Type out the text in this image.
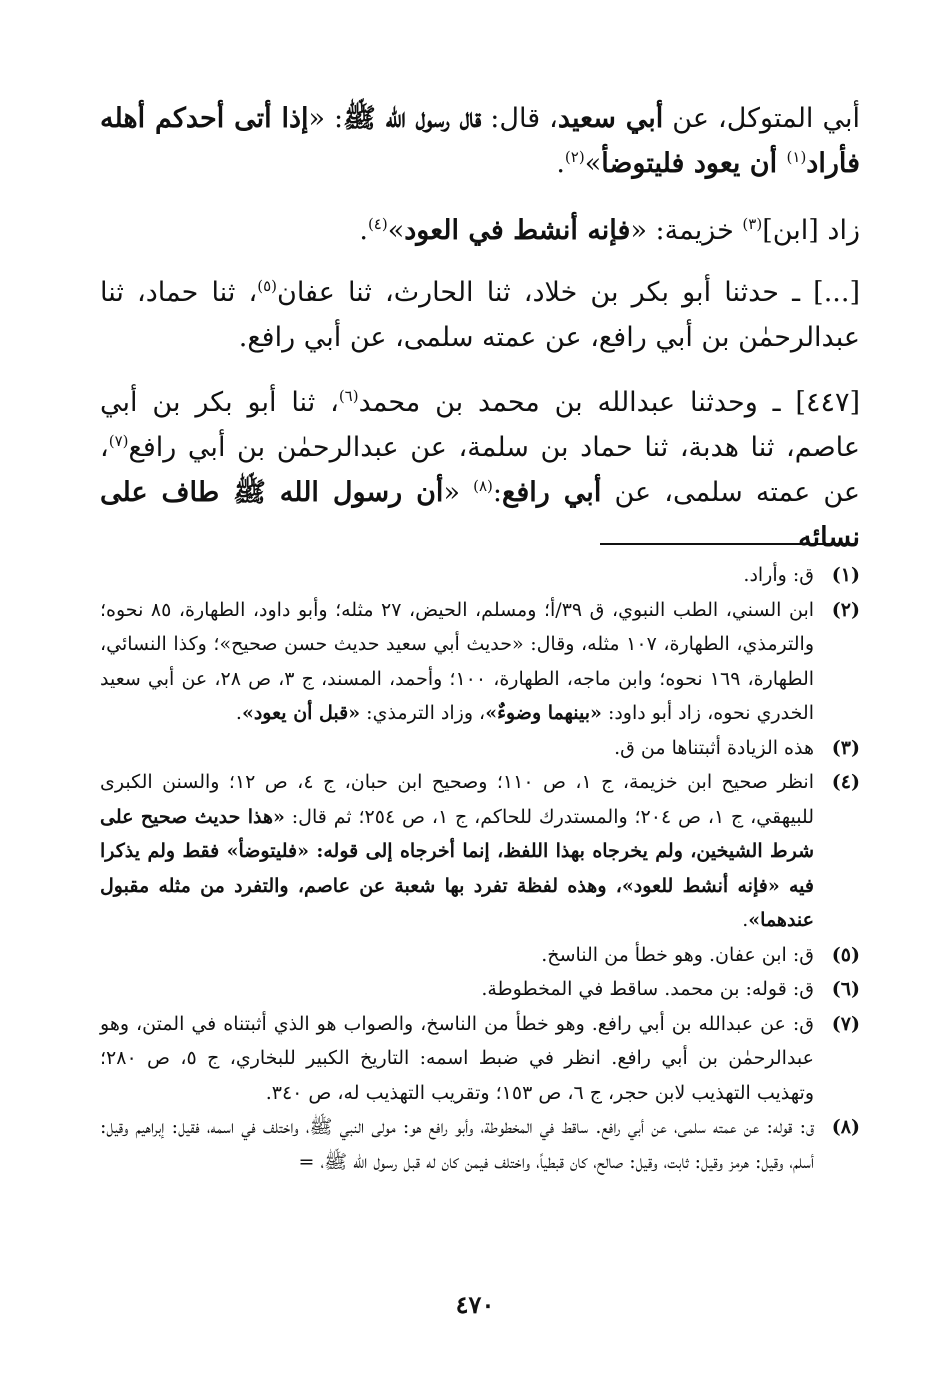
أبي المتوكل، عن أبي سعيد، قال: قال رسول الله ﷺ: «إذا أتى أحدكم أهله فأراد$^{(١)}$ أن يعود فليتوضأ»$^{(٢)}$.
زاد [ابن]$^{(٣)}$ خزيمة: «فإنه أنشط في العود»$^{(٤)}$.
[...] ـ حدثنا أبو بكر بن خلاد، ثنا الحارث، ثنا عفان$^{(٥)}$، ثنا حماد، ثنا عبدالرحمٰن بن أبي رافع، عن عمته سلمى، عن أبي رافع.
[٤٤٧] ـ وحدثنا عبدالله بن محمد بن محمد$^{(٦)}$، ثنا أبو بكر بن أبي عاصم، ثنا هدبة، ثنا حماد بن سلمة، عن عبدالرحمٰن بن أبي رافع$^{(٧)}$، عن عمته سلمى، عن أبي رافع:$^{(٨)}$ «أن رسول الله ﷺ طاف على نسائه
(١)
ق: وأراد.
(٢)
ابن السني، الطب النبوي، ق ٣٩/أ؛ ومسلم، الحيض، ٢٧ مثله؛ وأبو داود، الطهارة، ٨٥ نحوه؛ والترمذي، الطهارة، ١٠٧ مثله، وقال: «حديث أبي سعيد حديث حسن صحيح»؛ وكذا النسائي، الطهارة، ١٦٩ نحوه؛ وابن ماجه، الطهارة، ١٠٠؛ وأحمد، المسند، ج ٣، ص ٢٨، عن أبي سعيد الخدري نحوه، زاد أبو داود: «بينهما وضوءٌ»، وزاد الترمذي: «قبل أن يعود».
(٣)
هذه الزيادة أثبتناها من ق.
(٤)
انظر صحيح ابن خزيمة، ج ١، ص ١١٠؛ وصحيح ابن حبان، ج ٤، ص ١٢؛ والسنن الكبرى للبيهقي، ج ١، ص ٢٠٤؛ والمستدرك للحاكم، ج ١، ص ٢٥٤؛ ثم قال: «هذا حديث صحيح على شرط الشيخين، ولم يخرجاه بهذا اللفظ، إنما أخرجاه إلى قوله: «فليتوضأ» فقط ولم يذكرا فيه «فإنه أنشط للعود»، وهذه لفظة تفرد بها شعبة عن عاصم، والتفرد من مثله مقبول عندهما».
(٥)
ق: ابن عفان. وهو خطأ من الناسخ.
(٦)
ق: قوله: بن محمد. ساقط في المخطوطة.
(٧)
ق: عن عبدالله بن أبي رافع. وهو خطأ من الناسخ، والصواب هو الذي أثبتناه في المتن، وهو عبدالرحمٰن بن أبي رافع. انظر في ضبط اسمه: التاريخ الكبير للبخاري، ج ٥، ص ٢٨٠؛ وتهذيب التهذيب لابن حجر، ج ٦، ص ١٥٣؛ وتقريب التهذيب له، ص ٣٤٠.
(٨)
ق: قوله: عن عمته سلمى، عن أبي رافع. ساقط في المخطوطة، وأبو رافع هو: مولى النبي ﷺ، واختلف في اسمه، فقيل: إبراهيم وقيل: أسلم، وقيل: هرمز وقيل: ثابت، وقيل: صالح، كان قبطياً، واختلف فيمن كان له قبل رسول الله ﷺ، =
٤٧٠
